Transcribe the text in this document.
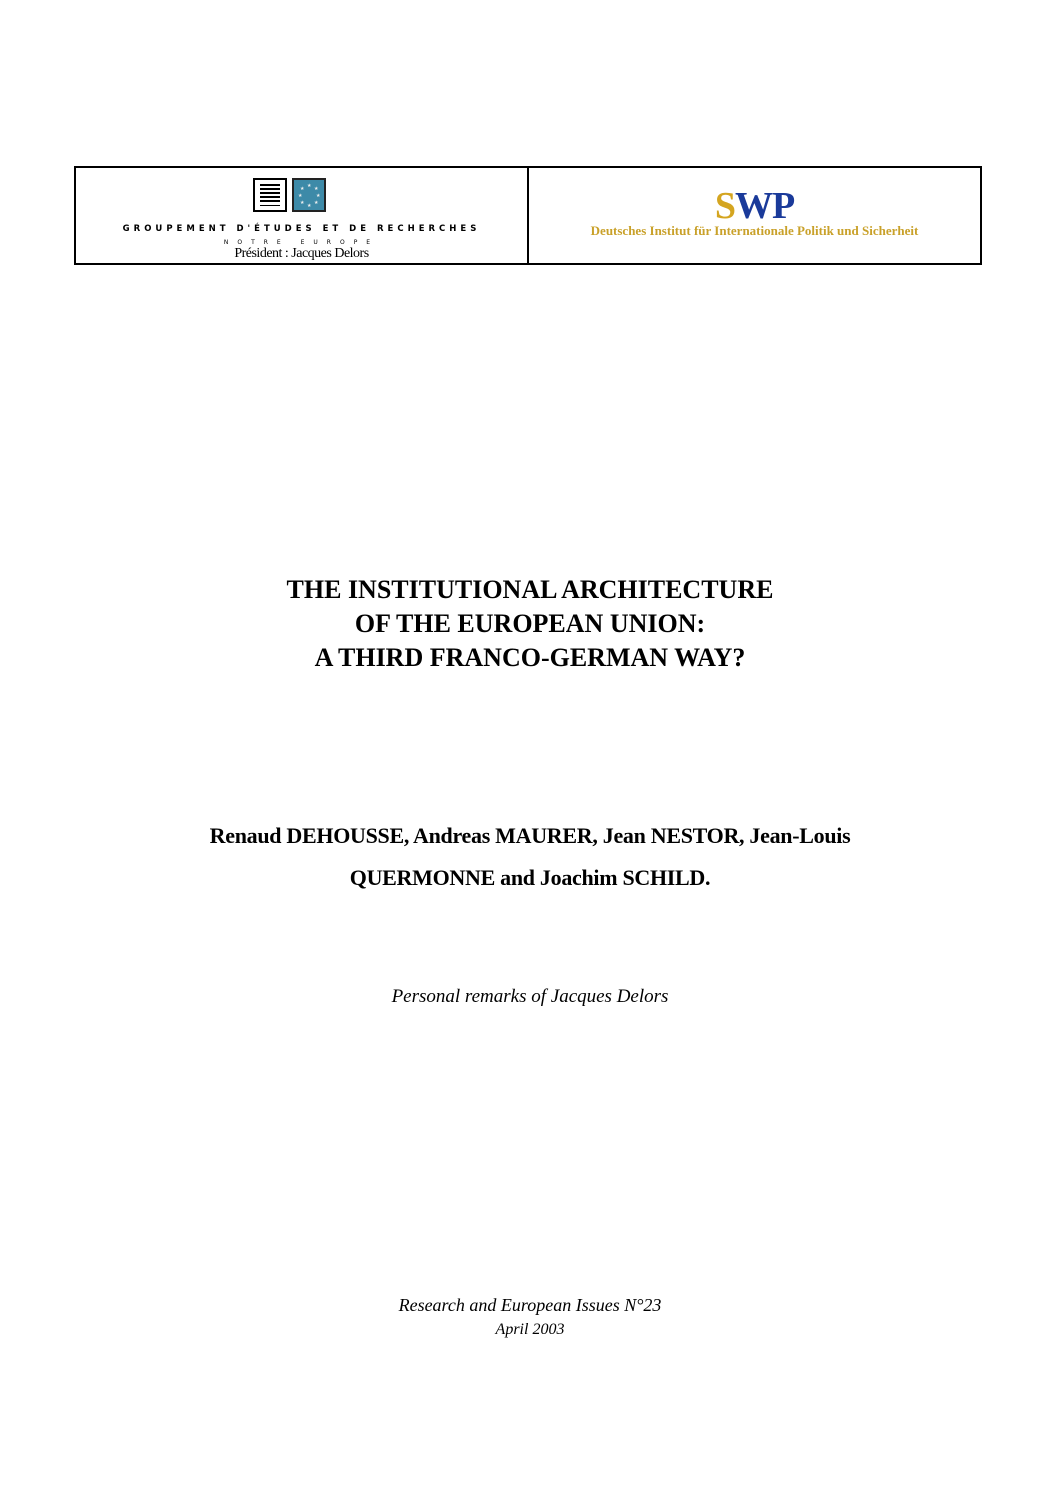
★
★
★
★
★
★
★
★
GROUPEMENT D'ÉTUDES ET DE RECHERCHES
NOTRE EUROPE
Président : Jacques Delors
SWP
Deutsches Institut für Internationale Politik und Sicherheit
THE INSTITUTIONAL ARCHITECTURE
OF THE EUROPEAN UNION:
A THIRD FRANCO-GERMAN WAY?
Renaud DEHOUSSE, Andreas MAURER, Jean NESTOR, Jean-Louis
QUERMONNE and Joachim SCHILD.
Personal remarks of Jacques Delors
Research and European Issues N°23
April 2003
